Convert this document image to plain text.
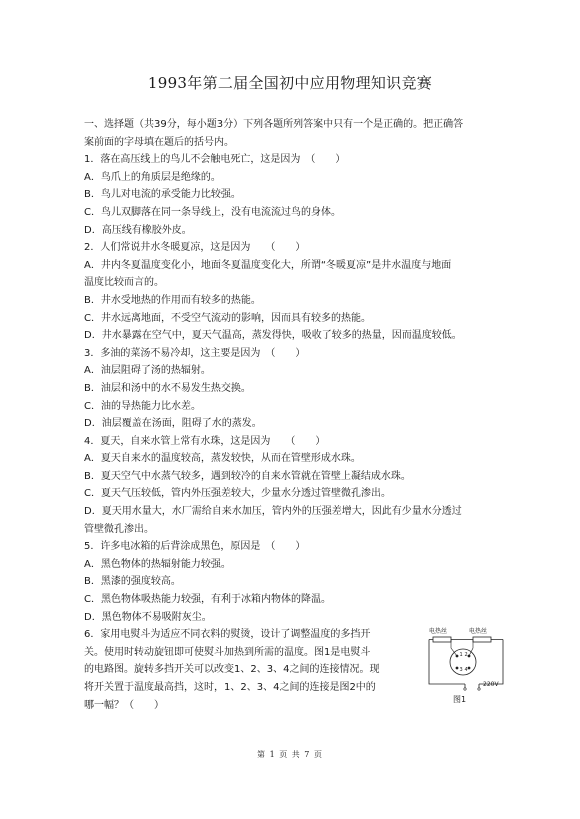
1993年第二届全国初中应用物理知识竞赛
一、选择题（共39分，每小题3分）下列各题所列答案中只有一个是正确的。把正确答
案前面的字母填在题后的括号内。
1．落在高压线上的鸟儿不会触电死亡，这是因为　（　　）
A．鸟爪上的角质层是绝缘的。
B．鸟儿对电流的承受能力比较强。
C．鸟儿双脚落在同一条导线上，没有电流流过鸟的身体。
D．高压线有橡胶外皮。
2．人们常说井水冬暖夏凉，这是因为　　（　　）
A．井内冬夏温度变化小，地面冬夏温度变化大，所谓“冬暖夏凉”是井水温度与地面
温度比较而言的。
B．井水受地热的作用而有较多的热能。
C．井水远离地面，不受空气流动的影响，因而具有较多的热能。
D．井水暴露在空气中，夏天气温高，蒸发得快，吸收了较多的热量，因而温度较低。
3．多油的菜汤不易冷却，这主要是因为　（　　）
A．油层阻碍了汤的热辐射。
B．油层和汤中的水不易发生热交换。
C．油的导热能力比水差。
D．油层覆盖在汤面，阻碍了水的蒸发。
4．夏天，自来水管上常有水珠，这是因为　　（　　）
A．夏天自来水的温度较高，蒸发较快，从而在管壁形成水珠。
B．夏天空气中水蒸气较多，遇到较冷的自来水管就在管壁上凝结成水珠。
C．夏天气压较低，管内外压强差较大，少量水分透过管壁微孔渗出。
D．夏天用水量大，水厂需给自来水加压，管内外的压强差增大，因此有少量水分透过
管壁微孔渗出。
5．许多电冰箱的后背涂成黑色，原因是　（　　）
A．黑色物体的热辐射能力较强。
B．黑漆的强度较高。
C．黑色物体吸热能力较强，有利于冰箱内物体的降温。
D．黑色物体不易吸附灰尘。
6．家用电熨斗为适应不同衣料的熨烫，设计了调整温度的多挡开
关。使用时转动旋钮即可使熨斗加热到所需的温度。图1是电熨斗
的电路图。旋转多挡开关可以改变1、2、3、4之间的连接情况。现
将开关置于温度最高挡，这时，1、2、3、4之间的连接是图2中的
哪一幅？（　　）
电热丝	电热丝
1 2
3 4
220V
图1
第 1 页 共 7 页
